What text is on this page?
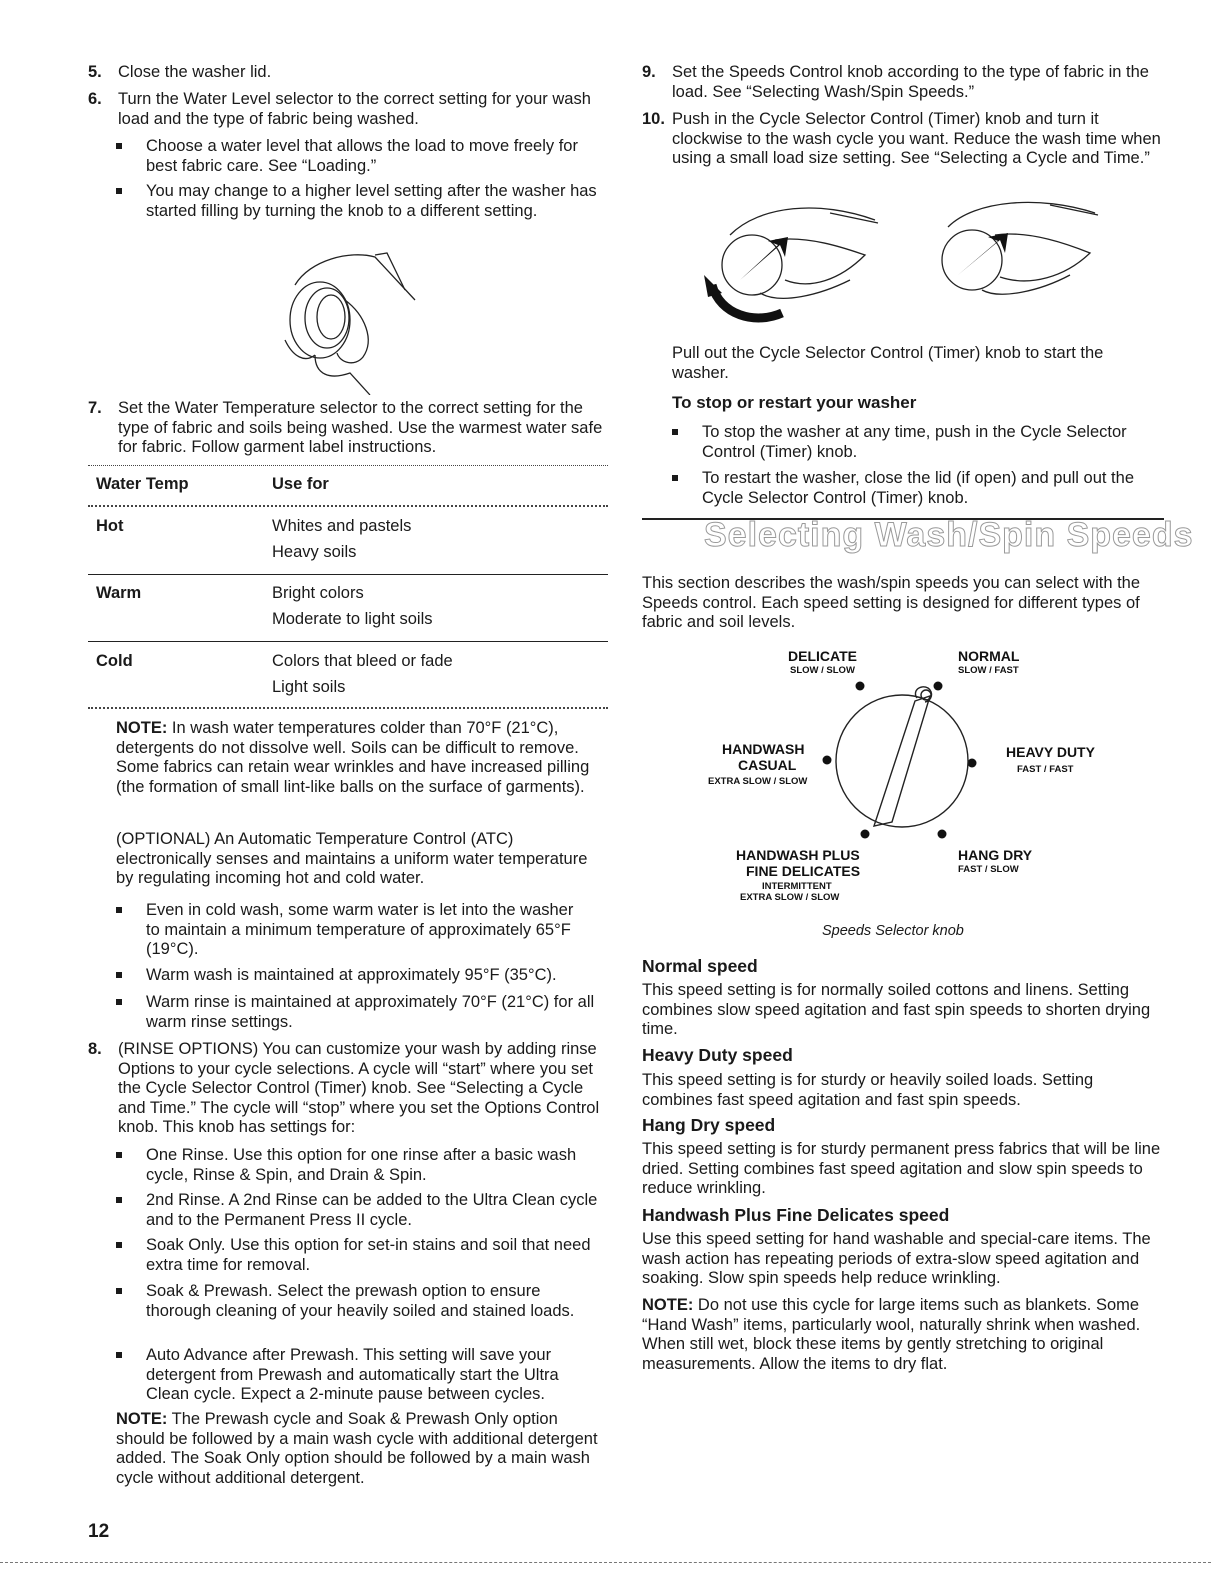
5. Close the washer lid.
6. Turn the Water Level selector to the correct setting for your wash load and the type of fabric being washed.
Choose a water level that allows the load to move freely for best fabric care. See “Loading.”
You may change to a higher level setting after the washer has started filling by turning the knob to a different setting.
7. Set the Water Temperature selector to the correct setting for the type of fabric and soils being washed. Use the warmest water safe for fabric. Follow garment label instructions.
Water Temp	Use for
Hot	Whites and pastels
Heavy soils
Warm	Bright colors
Moderate to light soils
Cold	Colors that bleed or fade
Light soils

NOTE: In wash water temperatures colder than 70°F (21°C), detergents do not dissolve well. Soils can be difficult to remove. Some fabrics can retain wear wrinkles and have increased pilling (the formation of small lint-like balls on the surface of garments).

(OPTIONAL) An Automatic Temperature Control (ATC) electronically senses and maintains a uniform water temperature by regulating incoming hot and cold water.

Even in cold wash, some warm water is let into the washer to maintain a minimum temperature of approximately 65°F (19°C).
Warm wash is maintained at approximately 95°F (35°C).
Warm rinse is maintained at approximately 70°F (21°C) for all warm rinse settings.
8. (RINSE OPTIONS) You can customize your wash by adding rinse Options to your cycle selections. A cycle will “start” where you set the Cycle Selector Control (Timer) knob. See “Selecting a Cycle and Time.” The cycle will “stop” where you set the Options Control knob. This knob has settings for:
One Rinse. Use this option for one rinse after a basic wash cycle, Rinse & Spin, and Drain & Spin.
2nd Rinse. A 2nd Rinse can be added to the Ultra Clean cycle and to the Permanent Press II cycle.
Soak Only. Use this option for set-in stains and soil that need extra time for removal.
Soak & Prewash. Select the prewash option to ensure thorough cleaning of your heavily soiled and stained loads.
Auto Advance after Prewash. This setting will save your detergent from Prewash and automatically start the Ultra Clean cycle. Expect a 2-minute pause between cycles.

NOTE: The Prewash cycle and Soak & Prewash Only option should be followed by a main wash cycle with additional detergent added. The Soak Only option should be followed by a main wash cycle without additional detergent.

12
9. Set the Speeds Control knob according to the type of fabric in the load. See “Selecting Wash/Spin Speeds.”
10. Push in the Cycle Selector Control (Timer) knob and turn it clockwise to the wash cycle you want. Reduce the wash time when using a small load size setting. See “Selecting a Cycle and Time.”

Pull out the Cycle Selector Control (Timer) knob to start the washer.

To stop or restart your washer
To stop the washer at any time, push in the Cycle Selector Control (Timer) knob.
To restart the washer, close the lid (if open) and pull out the Cycle Selector Control (Timer) knob.
Selecting Wash/Spin Speeds

This section describes the wash/spin speeds you can select with the Speeds control. Each speed setting is designed for different types of fabric and soil levels.

DELICATE
SLOW / SLOW
NORMAL
SLOW / FAST
HANDWASH
CASUAL
EXTRA SLOW / SLOW
HEAVY DUTY
FAST / FAST
HANDWASH PLUS
FINE DELICATES
INTERMITTENT
EXTRA SLOW / SLOW
HANG DRY
FAST / SLOW
Speeds Selector knob
Normal speed

This speed setting is for normally soiled cottons and linens. Setting combines slow speed agitation and fast spin speeds to shorten drying time.

Heavy Duty speed

This speed setting is for sturdy or heavily soiled loads. Setting combines fast speed agitation and fast spin speeds.

Hang Dry speed

This speed setting is for sturdy permanent press fabrics that will be line dried. Setting combines fast speed agitation and slow spin speeds to reduce wrinkling.

Handwash Plus Fine Delicates speed

Use this speed setting for hand washable and special-care items. The wash action has repeating periods of extra-slow speed agitation and soaking. Slow spin speeds help reduce wrinkling.

NOTE: Do not use this cycle for large items such as blankets. Some “Hand Wash” items, particularly wool, naturally shrink when washed. When still wet, block these items by gently stretching to original measurements. Allow the items to dry flat.
